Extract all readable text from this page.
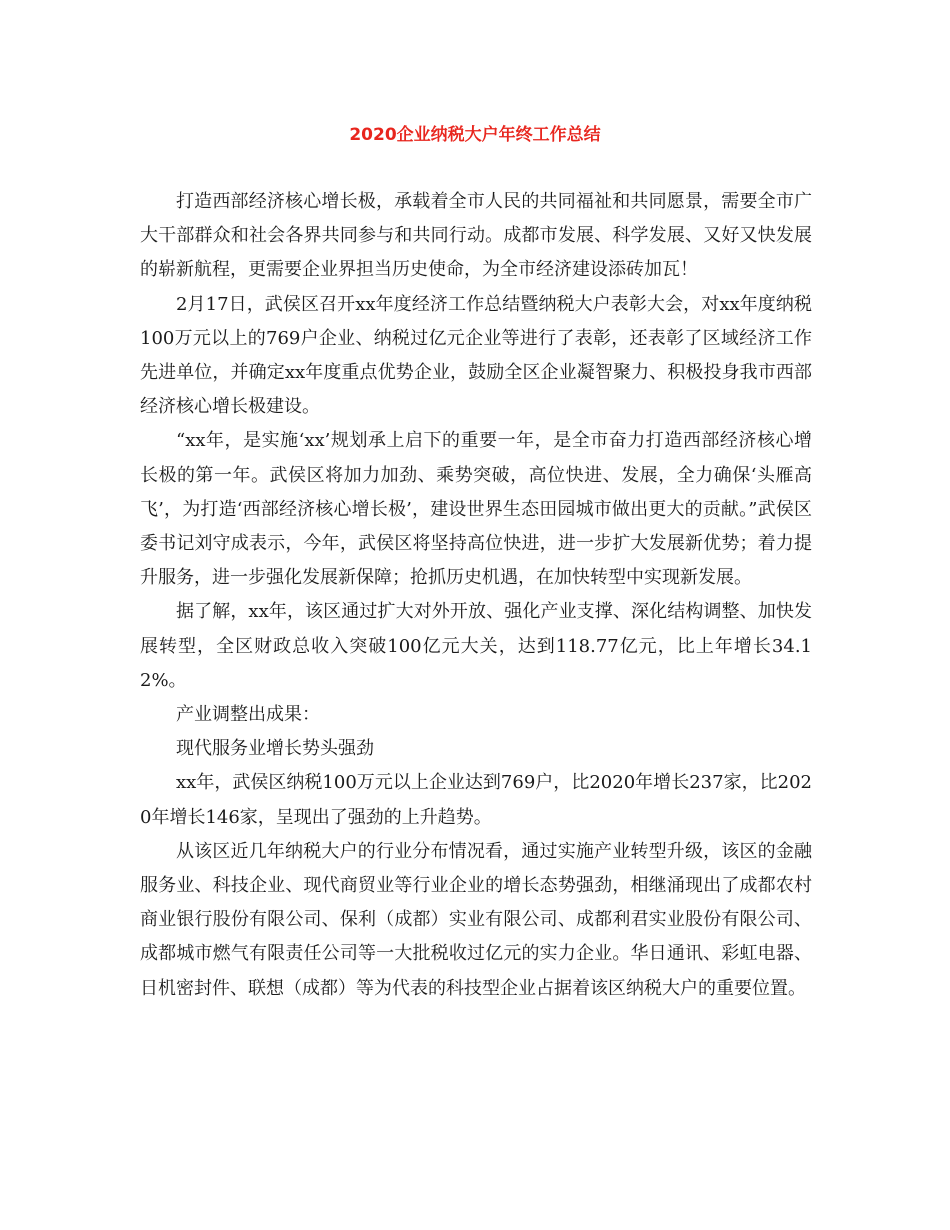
2020企业纳税大户年终工作总结

打造西部经济核心增长极，承载着全市人民的共同福祉和共同愿景，需要全市广大干部群众和社会各界共同参与和共同行动。成都市发展、科学发展、又好又快发展的崭新航程，更需要企业界担当历史使命，为全市经济建设添砖加瓦！

2月17日，武侯区召开xx年度经济工作总结暨纳税大户表彰大会，对xx年度纳税100万元以上的769户企业、纳税过亿元企业等进行了表彰，还表彰了区域经济工作先进单位，并确定xx年度重点优势企业，鼓励全区企业凝智聚力、积极投身我市西部经济核心增长极建设。

“xx年，是实施‘xx’规划承上启下的重要一年，是全市奋力打造西部经济核心增长极的第一年。武侯区将加力加劲、乘势突破，高位快进、发展，全力确保‘头雁高飞’，为打造‘西部经济核心增长极’，建设世界生态田园城市做出更大的贡献。”武侯区委书记刘守成表示，今年，武侯区将坚持高位快进，进一步扩大发展新优势；着力提升服务，进一步强化发展新保障；抢抓历史机遇，在加快转型中实现新发展。

据了解，xx年，该区通过扩大对外开放、强化产业支撑、深化结构调整、加快发展转型，全区财政总收入突破100亿元大关，达到118.77亿元，比上年增长34.12%。

产业调整出成果：

现代服务业增长势头强劲

xx年，武侯区纳税100万元以上企业达到769户，比2020年增长237家，比2020年增长146家，呈现出了强劲的上升趋势。

从该区近几年纳税大户的行业分布情况看，通过实施产业转型升级，该区的金融服务业、科技企业、现代商贸业等行业企业的增长态势强劲，相继涌现出了成都农村商业银行股份有限公司、保利（成都）实业有限公司、成都利君实业股份有限公司、成都城市燃气有限责任公司等一大批税收过亿元的实力企业。华日通讯、彩虹电器、日机密封件、联想（成都）等为代表的科技型企业占据着该区纳税大户的重要位置。
